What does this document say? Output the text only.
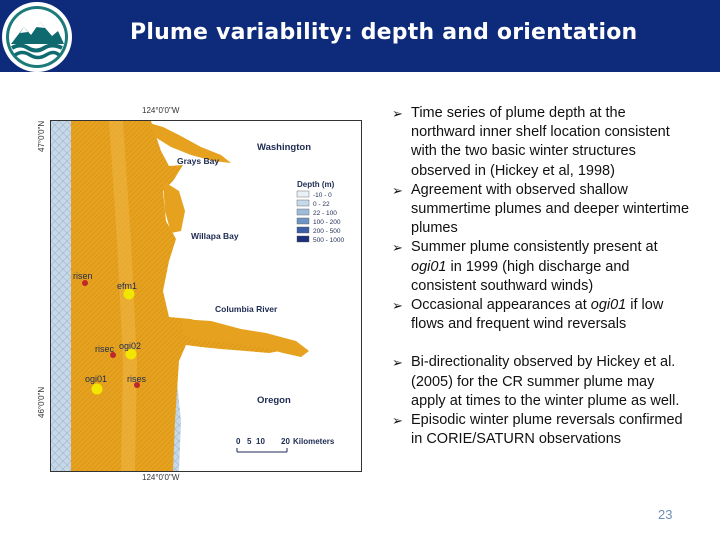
Plume variability: depth and orientation
124°0'0"W
124°0'0"W
47°0'0"N
46°0'0"N
Washington
Grays Bay
Willapa Bay
Columbia River
Oregon
Depth (m)
-10 - 0
0 - 22
22 - 100
100 - 200
200 - 500
500 - 1000
risen
efm1
risec ogi02
ogi01 rises
0 5 10 20 Kilometers
➢ Time series of plume depth at the northward inner shelf location consistent with the two basic winter structures observed in (Hickey et al, 1998)
➢ Agreement with observed shallow summertime plumes and deeper wintertime plumes
➢ Summer plume consistently present at ogi01 in 1999 (high discharge and consistent southward winds)
➢ Occasional appearances at ogi01 if low flows and frequent wind reversals
➢ Bi-directionality observed by Hickey et al. (2005) for the CR summer plume may apply at times to the winter plume as well.
➢ Episodic winter plume reversals confirmed in CORIE/SATURN observations
23
